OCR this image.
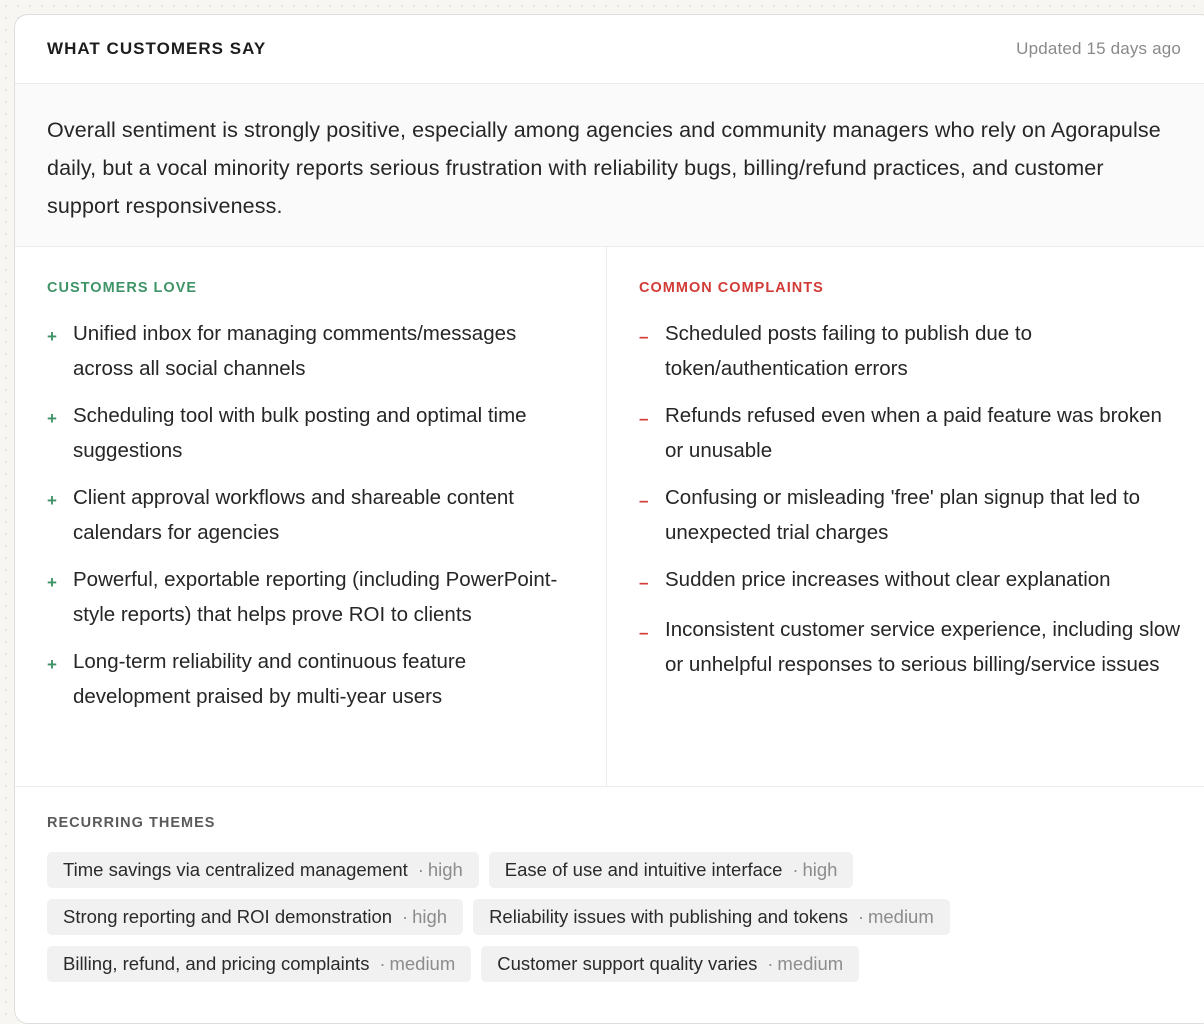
WHAT CUSTOMERS SAY	Updated 15 days ago

Overall sentiment is strongly positive, especially among agencies and community managers who rely on Agorapulse daily, but a vocal minority reports serious frustration with reliability bugs, billing/refund practices, and customer support responsiveness.

CUSTOMERS LOVE
+ Unified inbox for managing comments/messages across all social channels
+ Scheduling tool with bulk posting and optimal time suggestions
+ Client approval workflows and shareable content calendars for agencies
+ Powerful, exportable reporting (including PowerPoint-style reports) that helps prove ROI to clients
+ Long-term reliability and continuous feature development praised by multi-year users
COMMON COMPLAINTS
– Scheduled posts failing to publish due to token/authentication errors
– Refunds refused even when a paid feature was broken or unusable
– Confusing or misleading 'free' plan signup that led to unexpected trial charges
– Sudden price increases without clear explanation
– Inconsistent customer service experience, including slow or unhelpful responses to serious billing/service issues
RECURRING THEMES
Time savings via centralized management · high Ease of use and intuitive interface · high
Strong reporting and ROI demonstration · high Reliability issues with publishing and tokens · medium
Billing, refund, and pricing complaints · medium Customer support quality varies · medium
